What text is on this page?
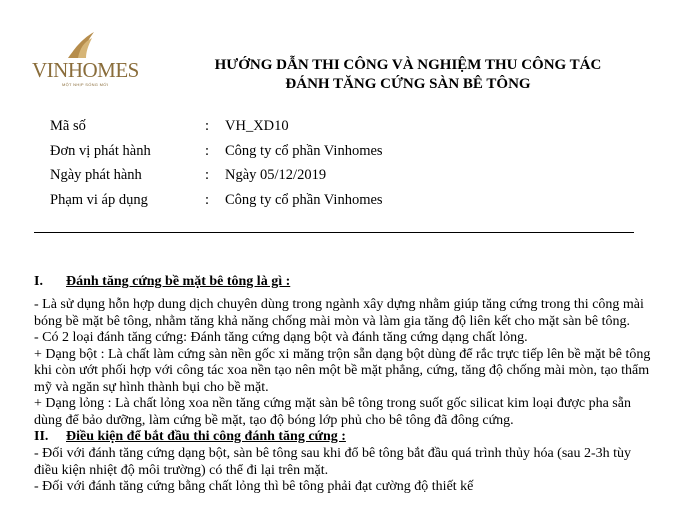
VINHOMES
MỘT NHỊP SỐNG MỚI
HƯỚNG DẪN THI CÔNG VÀ NGHIỆM THU CÔNG TÁC
ĐÁNH TĂNG CỨNG SÀN BÊ TÔNG
Mã số	:	VH_XD10
Đơn vị phát hành	:	Công ty cổ phần Vinhomes
Ngày phát hành	:	Ngày 05/12/2019
Phạm vi áp dụng	:	Công ty cổ phần Vinhomes
I.	Đánh tăng cứng bề mặt bê tông là gì :
- Là sử dụng hỗn hợp dung dịch chuyên dùng trong ngành xây dựng nhằm giúp tăng cứng trong thi công mài bóng bề mặt bê tông, nhằm tăng khả năng chống mài mòn và làm gia tăng độ liên kết cho mặt sàn bê tông.
- Có 2 loại đánh tăng cứng: Đánh tăng cứng dạng bột và đánh tăng cứng dạng chất lỏng.
+ Dạng bột : Là chất làm cứng sàn nền gốc xi măng trộn sẵn dạng bột dùng để rắc trực tiếp lên bề mặt bê tông khi còn ướt phối hợp với công tác xoa nền tạo nên một bề mặt phẳng, cứng, tăng độ chống mài mòn, tạo thẩm mỹ và ngăn sự hình thành bụi cho bề mặt.
+ Dạng lỏng : Là chất lỏng xoa nền tăng cứng mặt sàn bê tông trong suốt gốc silicat kim loại được pha sẵn dùng để bảo dưỡng, làm cứng bề mặt, tạo độ bóng lớp phủ cho bê tông đã đông cứng.
II.	Điều kiện để bắt đầu thi công đánh tăng cứng :
- Đối với đánh tăng cứng dạng bột, sàn bê tông sau khi đổ bê tông bắt đầu quá trình thủy hóa (sau 2-3h tùy điều kiện nhiệt độ môi trường) có thể đi lại trên mặt.
- Đối với đánh tăng cứng bằng chất lỏng thì bê tông phải đạt cường độ thiết kế
